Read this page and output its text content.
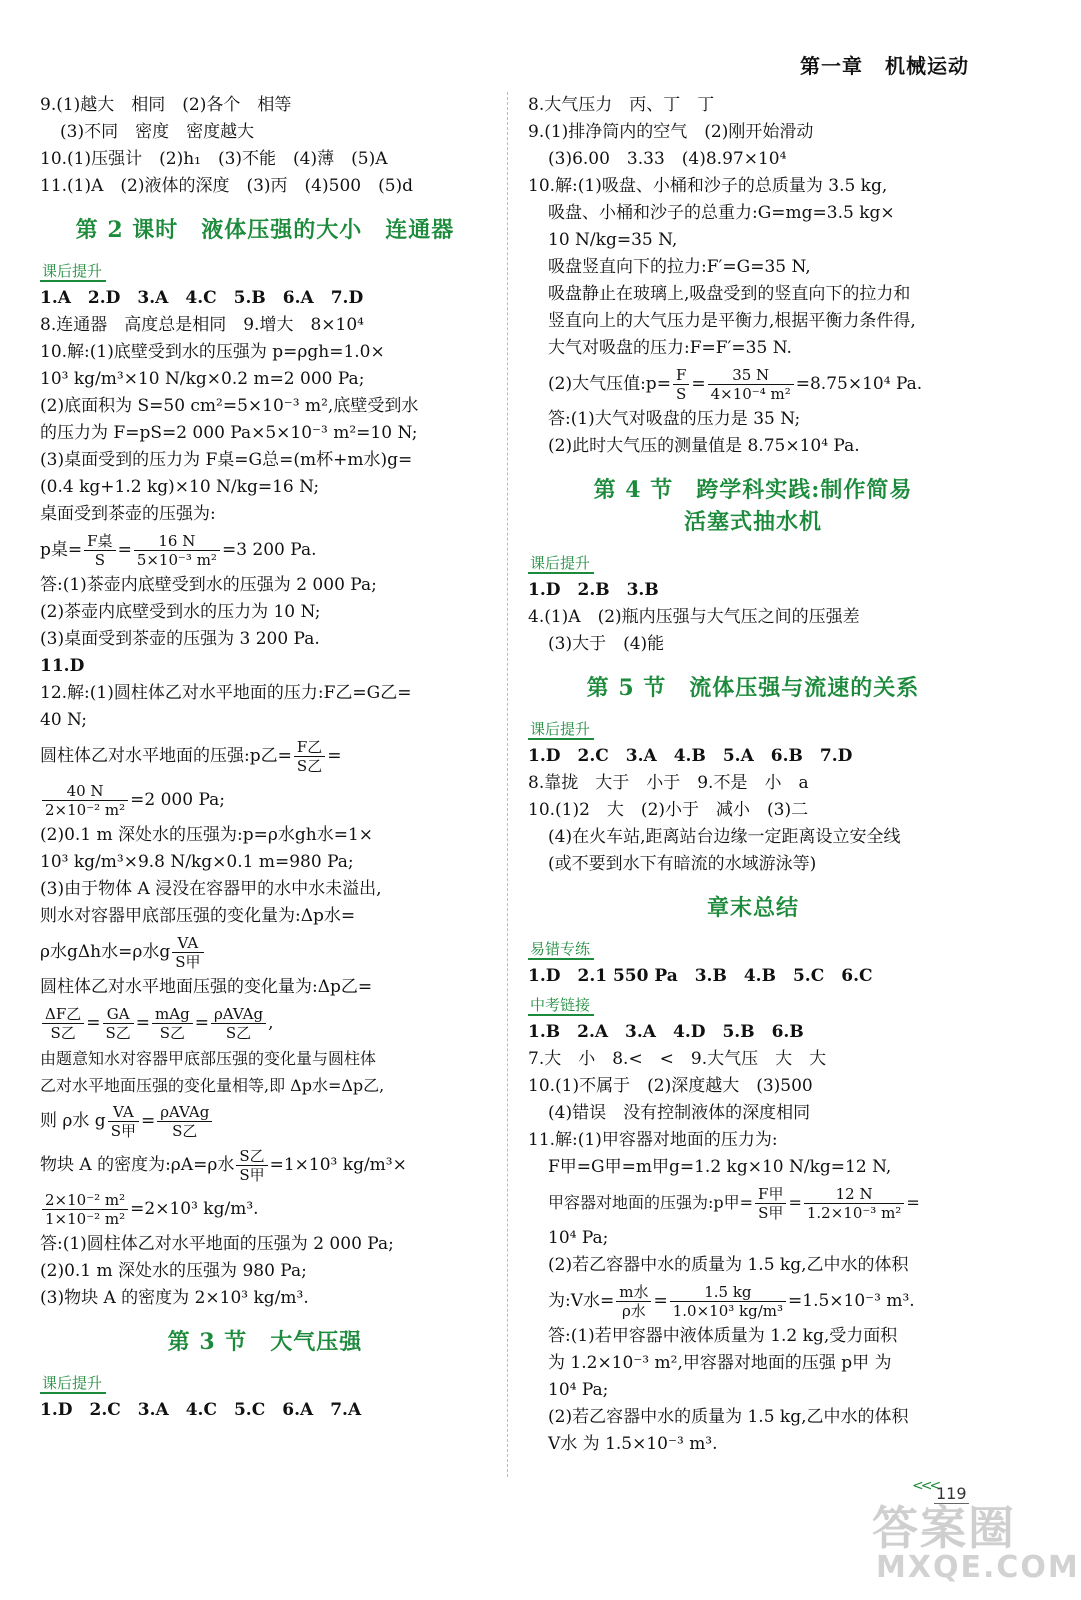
第一章 机械运动
9.(1)越大　相同　(2)各个　相等
(3)不同　密度　密度越大
10.(1)压强计　(2)h₁　(3)不能　(4)薄　(5)A
11.(1)A　(2)液体的深度　(3)丙　(4)500　(5)d
第 2 课时　液体压强的大小　连通器
课后提升
1.A　2.D　3.A　4.C　5.B　6.A　7.D
8.连通器　高度总是相同　9.增大　8×10⁴
10.解:(1)底壁受到水的压强为 p=ρgh=1.0×
10³ kg/m³×10 N/kg×0.2 m=2 000 Pa;
(2)底面积为 S=50 cm²=5×10⁻³ m²,底壁受到水
的压力为 F=pS=2 000 Pa×5×10⁻³ m²=10 N;
(3)桌面受到的压力为 F桌=G总=(m杯+m水)g=
(0.4 kg+1.2 kg)×10 N/kg=16 N;
桌面受到茶壶的压强为:
p桌= $\frac{\text{F桌}}{S} = \frac{16 N}{\text{5×10⁻³ m²}} =3$ 200 Pa.
答:(1)茶壶内底壁受到水的压强为 2 000 Pa;
(2)茶壶内底壁受到水的压力为 10 N;
(3)桌面受到茶壶的压强为 3 200 Pa.
11.D
12.解:(1)圆柱体乙对水平地面的压力:F乙=G乙=
40 N;
圆柱体乙对水平地面的压强:p乙= $\frac{\text{F乙}}{\text{S乙}}$ =
$\frac{40 N}{\text{2×10⁻² m²}} =2$ 000 Pa;
(2)0.1 m 深处水的压强为:p=ρ水gh水=1×
10³ kg/m³×9.8 N/kg×0.1 m=980 Pa;
(3)由于物体 A 浸没在容器甲的水中水未溢出,
则水对容器甲底部压强的变化量为:Δp水=
ρ水gΔh水=ρ水g $\frac{VA}{\text{S甲}}$
圆柱体乙对水平地面压强的变化量为:Δp乙=
$\frac{\text{ΔF乙}}{\text{S乙}} = \frac{GA}{\text{S乙}} = \frac{\text{mAg}}{\text{S乙}} = \frac{\text{ρAVAg}}{\text{S乙}}$ ,
由题意知水对容器甲底部压强的变化量与圆柱体
乙对水平地面压强的变化量相等,即 Δp水=Δp乙,
则 ρ水 g $\frac{VA}{\text{S甲}} = \frac{\text{ρAVAg}}{\text{S乙}}$
物块 A 的密度为:ρA=ρ水 $\frac{\text{S乙}}{\text{S甲}} =1\times 10^3$ kg/m³×
$\frac{\text{2×10⁻² m²}}{\text{1×10⁻² m²}} =2\times 10^3$ kg/m³.
答:(1)圆柱体乙对水平地面的压强为 2 000 Pa;
(2)0.1 m 深处水的压强为 980 Pa;
(3)物块 A 的密度为 2×10³ kg/m³.
第 3 节　大气压强
课后提升
1.D　2.C　3.A　4.C　5.C　6.A　7.A
8.大气压力　丙、丁　丁
9.(1)排净筒内的空气　(2)刚开始滑动
(3)6.00　3.33　(4)8.97×10⁴
10.解:(1)吸盘、小桶和沙子的总质量为 3.5 kg,
吸盘、小桶和沙子的总重力:G=mg=3.5 kg×
10 N/kg=35 N,
吸盘竖直向下的拉力:F′=G=35 N,
吸盘静止在玻璃上,吸盘受到的竖直向下的拉力和
竖直向上的大气压力是平衡力,根据平衡力条件得,
大气对吸盘的压力:F=F′=35 N.
(2)大气压值:p= $\frac{F}{S} = \frac{35 N}{\text{4×10⁻⁴ m²}} =8.75\times 10^4$ Pa.
答:(1)大气对吸盘的压力是 35 N;
(2)此时大气压的测量值是 8.75×10⁴ Pa.
第 4 节　跨学科实践:制作简易
活塞式抽水机
课后提升
1.D　2.B　3.B
4.(1)A　(2)瓶内压强与大气压之间的压强差
(3)大于　(4)能
第 5 节　流体压强与流速的关系
课后提升
1.D　2.C　3.A　4.B　5.A　6.B　7.D
8.靠拢　大于　小于　9.不是　小　a
10.(1)2　大　(2)小于　减小　(3)二
(4)在火车站,距离站台边缘一定距离设立安全线
(或不要到水下有暗流的水域游泳等)
章末总结
易错专练
1.D　2.1 550 Pa　3.B　4.B　5.C　6.C
中考链接
1.B　2.A　3.A　4.D　5.B　6.B
7.大　小　8.<　<　9.大气压　大　大
10.(1)不属于　(2)深度越大　(3)500
(4)错误　没有控制液体的深度相同
11.解:(1)甲容器对地面的压力为:
F甲=G甲=m甲g=1.2 kg×10 N/kg=12 N,
甲容器对地面的压强为:p甲= $\frac{\text{F甲}}{\text{S甲}} = \frac{12 N}{\text{1.2×10⁻³ m²}}$ =
10⁴ Pa;
(2)若乙容器中水的质量为 1.5 kg,乙中水的体积
为:V水= $\frac{\text{m水}}{\text{ρ水}} = \frac{1.5 kg}{\text{1.0×10³ kg/m³}} =1.5\times 10^{-3}$ m³.
答:(1)若甲容器中液体质量为 1.2 kg,受力面积
为 1.2×10⁻³ m²,甲容器对地面的压强 p甲 为
10⁴ Pa;
(2)若乙容器中水的质量为 1.5 kg,乙中水的体积
V水 为 1.5×10⁻³ m³.
<<<
119
答案圈
MXQE.COM
